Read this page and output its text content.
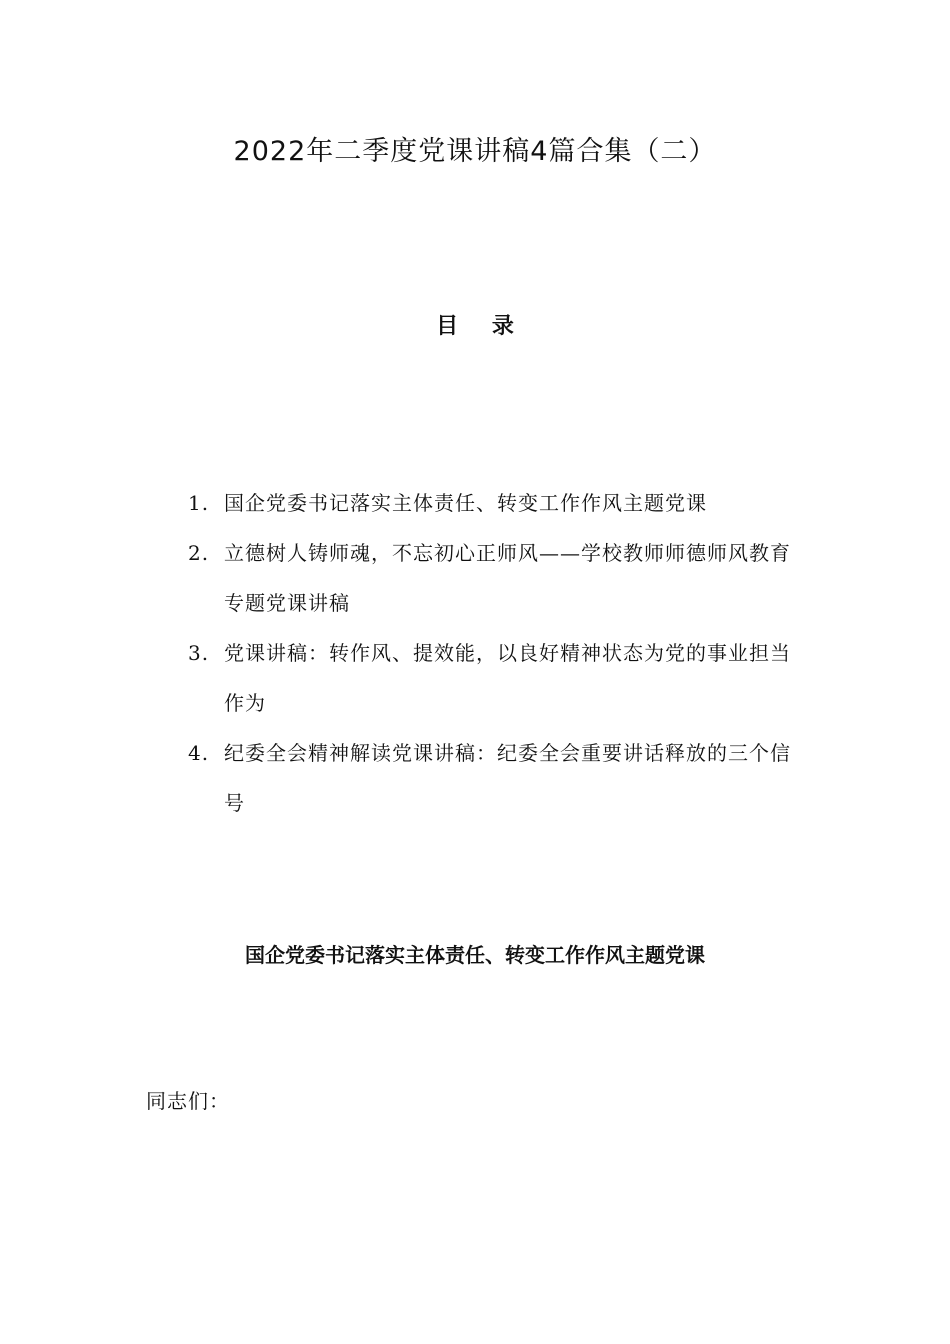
2022年二季度党课讲稿4篇合集（二）
目 录
1. 国企党委书记落实主体责任、转变工作作风主题党课
2. 立德树人铸师魂，不忘初心正师风——学校教师师德师风教育专题党课讲稿
3. 党课讲稿：转作风、提效能，以良好精神状态为党的事业担当作为
4. 纪委全会精神解读党课讲稿：纪委全会重要讲话释放的三个信号
国企党委书记落实主体责任、转变工作作风主题党课
同志们：
